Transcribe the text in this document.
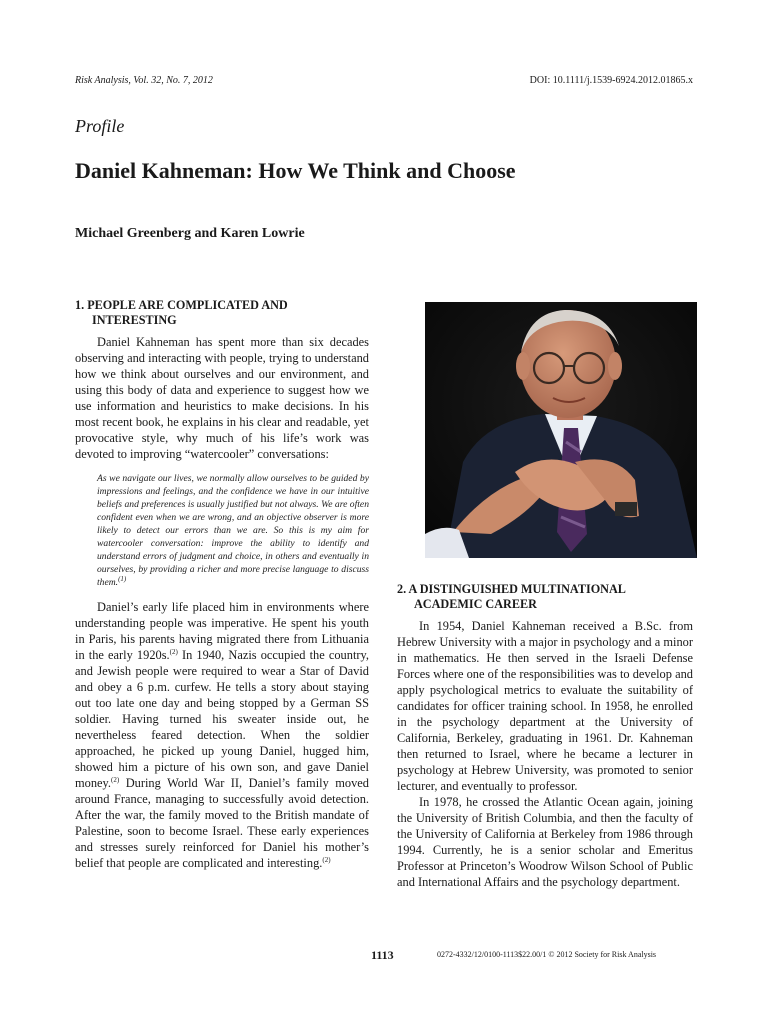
Risk Analysis, Vol. 32, No. 7, 2012	DOI: 10.1111/j.1539-6924.2012.01865.x
Profile
Daniel Kahneman: How We Think and Choose
Michael Greenberg and Karen Lowrie
1. PEOPLE ARE COMPLICATED AND INTERESTING

Daniel Kahneman has spent more than six decades observing and interacting with people, trying to understand how we think about ourselves and our environment, and using this body of data and experience to suggest how we use information and heuristics to make decisions. In his most recent book, he explains in his clear and readable, yet provocative style, why much of his life’s work was devoted to improving “watercooler” conversations:

As we navigate our lives, we normally allow ourselves to be guided by impressions and feelings, and the confidence we have in our intuitive beliefs and preferences is usually justified but not always. We are often confident even when we are wrong, and an objective observer is more likely to detect our errors than we are. So this is my aim for watercooler conversation: improve the ability to identify and understand errors of judgment and choice, in others and eventually in ourselves, by providing a richer and more precise language to discuss them.$^{(1)}$

Daniel’s early life placed him in environments where understanding people was imperative. He spent his youth in Paris, his parents having migrated there from Lithuania in the early 1920s.$^{(2)}$ In 1940, Nazis occupied the country, and Jewish people were required to wear a Star of David and obey a 6 p.m. curfew. He tells a story about staying out too late one day and being stopped by a German SS soldier. Having turned his sweater inside out, he nevertheless feared detection. When the soldier approached, he picked up young Daniel, hugged him, showed him a picture of his own son, and gave Daniel money.$^{(2)}$ During World War II, Daniel’s family moved around France, managing to successfully avoid detection. After the war, the family moved to the British mandate of Palestine, soon to become Israel. These early experiences and stresses surely reinforced for Daniel his mother’s belief that people are complicated and interesting.$^{(2)}$

2. A DISTINGUISHED MULTINATIONAL ACADEMIC CAREER

In 1954, Daniel Kahneman received a B.Sc. from Hebrew University with a major in psychology and a minor in mathematics. He then served in the Israeli Defense Forces where one of the responsibilities was to develop and apply psychological metrics to evaluate the suitability of candidates for officer training school. In 1958, he enrolled in the psychology department at the University of California, Berkeley, graduating in 1961. Dr. Kahneman then returned to Israel, where he became a lecturer in psychology at Hebrew University, was promoted to senior lecturer, and eventually to professor.

In 1978, he crossed the Atlantic Ocean again, joining the University of British Columbia, and then the faculty of the University of California at Berkeley from 1986 through 1994. Currently, he is a senior scholar and Emeritus Professor at Princeton’s Woodrow Wilson School of Public and International Affairs and the psychology department.

1113	0272-4332/12/0100-1113$22.00/1 © 2012 Society for Risk Analysis
